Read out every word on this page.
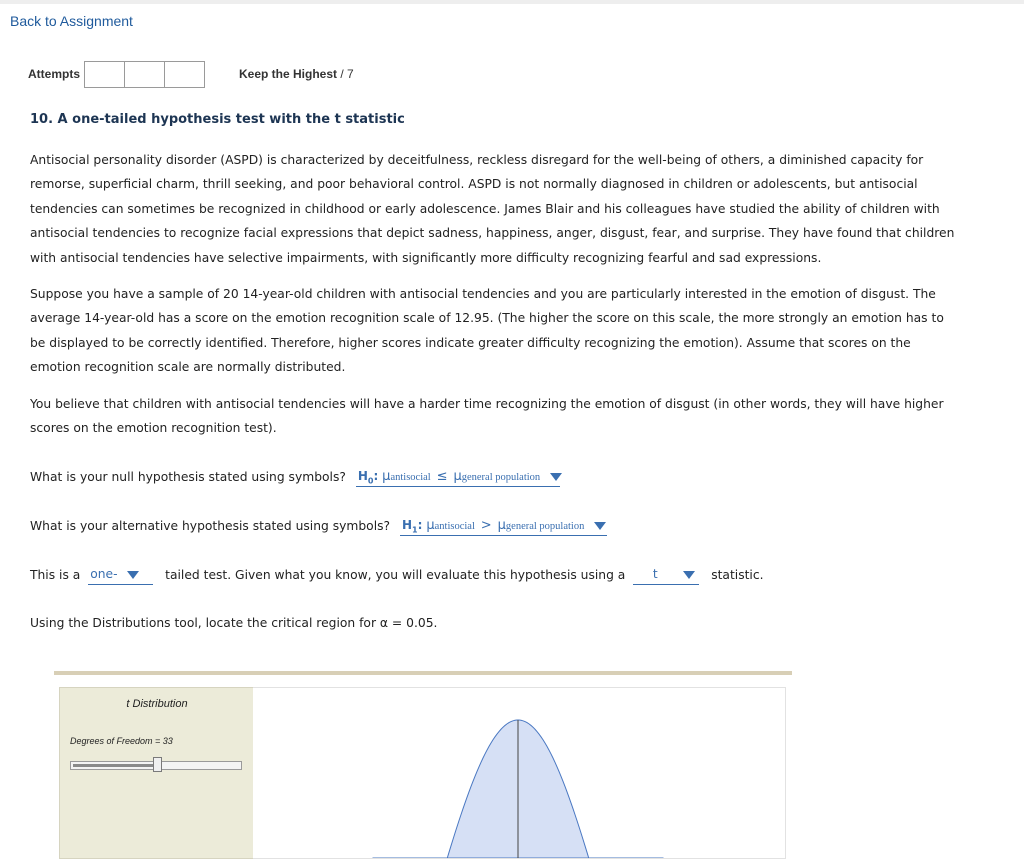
Back to Assignment
Attempts	Keep the Highest / 7
10. A one-tailed hypothesis test with the t statistic
Antisocial personality disorder (ASPD) is characterized by deceitfulness, reckless disregard for the well-being of others, a diminished capacity for remorse, superficial charm, thrill seeking, and poor behavioral control. ASPD is not normally diagnosed in children or adolescents, but antisocial tendencies can sometimes be recognized in childhood or early adolescence. James Blair and his colleagues have studied the ability of children with antisocial tendencies to recognize facial expressions that depict sadness, happiness, anger, disgust, fear, and surprise. They have found that children with antisocial tendencies have selective impairments, with significantly more difficulty recognizing fearful and sad expressions.
Suppose you have a sample of 20 14-year-old children with antisocial tendencies and you are particularly interested in the emotion of disgust. The average 14-year-old has a score on the emotion recognition scale of 12.95. (The higher the score on this scale, the more strongly an emotion has to be displayed to be correctly identified. Therefore, higher scores indicate greater difficulty recognizing the emotion). Assume that scores on the emotion recognition scale are normally distributed.
You believe that children with antisocial tendencies will have a harder time recognizing the emotion of disgust (in other words, they will have higher scores on the emotion recognition test).
What is your null hypothesis stated using symbols? $H_0$: μantisocial ≤ μgeneral population
What is your alternative hypothesis stated using symbols? $H_1$: μantisocial > μgeneral population
This is a one-	tailed test. Given what you know, you will evaluate this hypothesis using a t	statistic.
Using the Distributions tool, locate the critical region for α = 0.05.
t Distribution
Degrees of Freedom = 33
